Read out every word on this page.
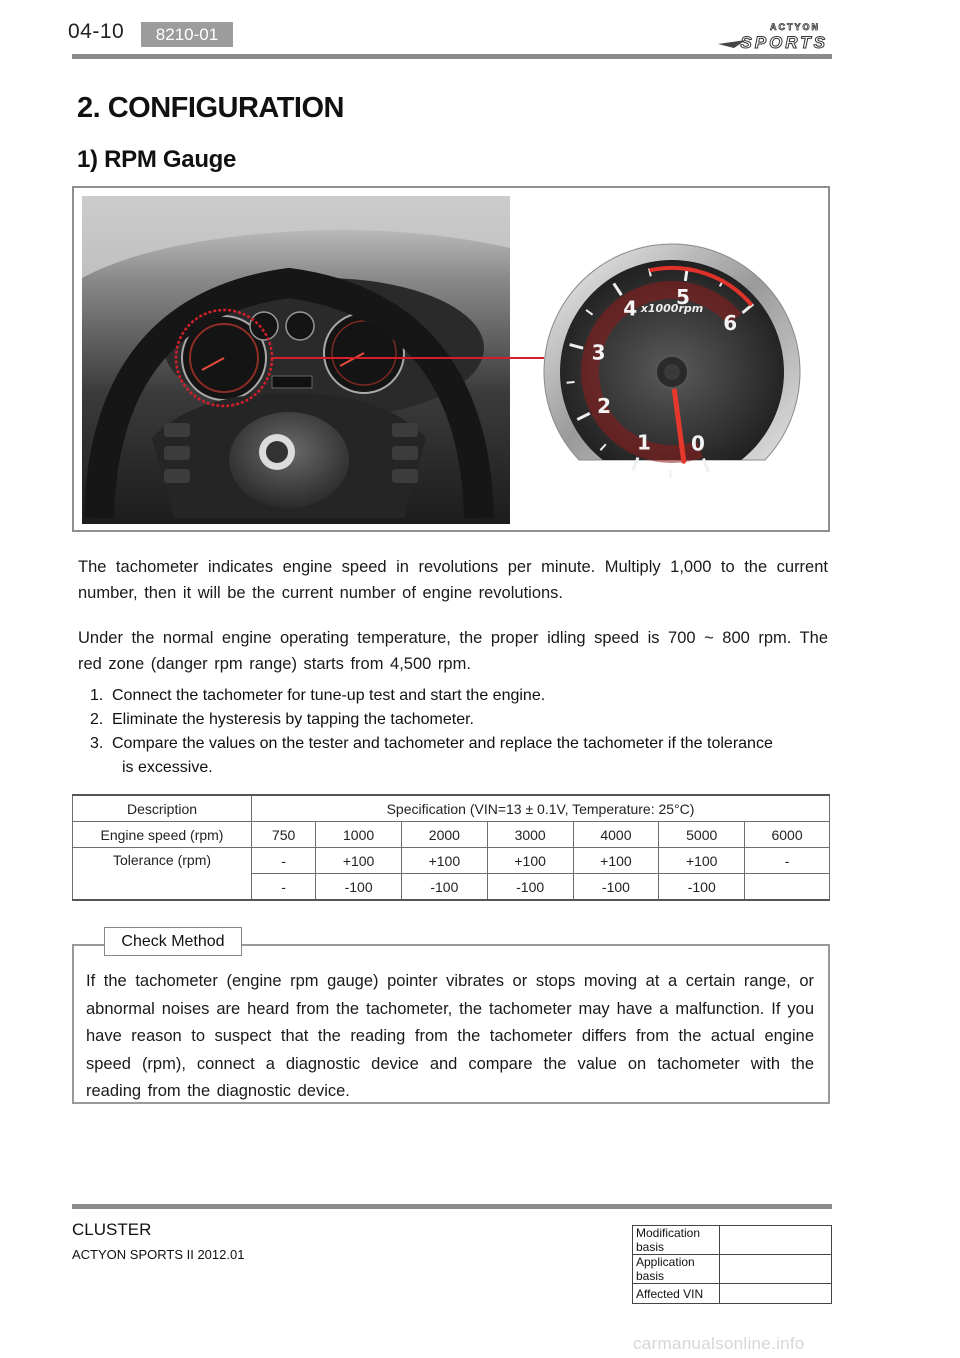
04-10	8210-01	ACTYON
SPORTS
2. CONFIGURATION
1) RPM Gauge
0
1
2
3
4 5
6
x1000rpm
The tachometer indicates engine speed in revolutions per minute. Multiply 1,000 to the current number, then it will be the current number of engine revolutions.
Under the normal engine operating temperature, the proper idling speed is 700 ~ 800 rpm. The red zone (danger rpm range) starts from 4,500 rpm.
1. Connect the tachometer for tune-up test and start the engine.
2. Eliminate the hysteresis by tapping the tachometer.
3. Compare the values on the tester and tachometer and replace the tachometer if the tolerance
is excessive.
Description	Specification (VIN=13 ± 0.1V, Temperature: 25°C)						
Engine speed (rpm)	750	1000	2000	3000	4000	5000	6000
Tolerance (rpm)	-	+100	+100	+100	+100	+100	-
	-	-100	-100	-100	-100	-100	
Check Method
If the tachometer (engine rpm gauge) pointer vibrates or stops moving at a certain range, or abnormal noises are heard from the tachometer, the tachometer may have a malfunction. If you have reason to suspect that the reading from the tachometer differs from the actual engine speed (rpm), connect a diagnostic device and compare the value on tachometer with the reading from the diagnostic device.
CLUSTER
ACTYON SPORTS II 2012.01
Modification basis	
Application basis	
Affected VIN	
carmanualsonline.info
